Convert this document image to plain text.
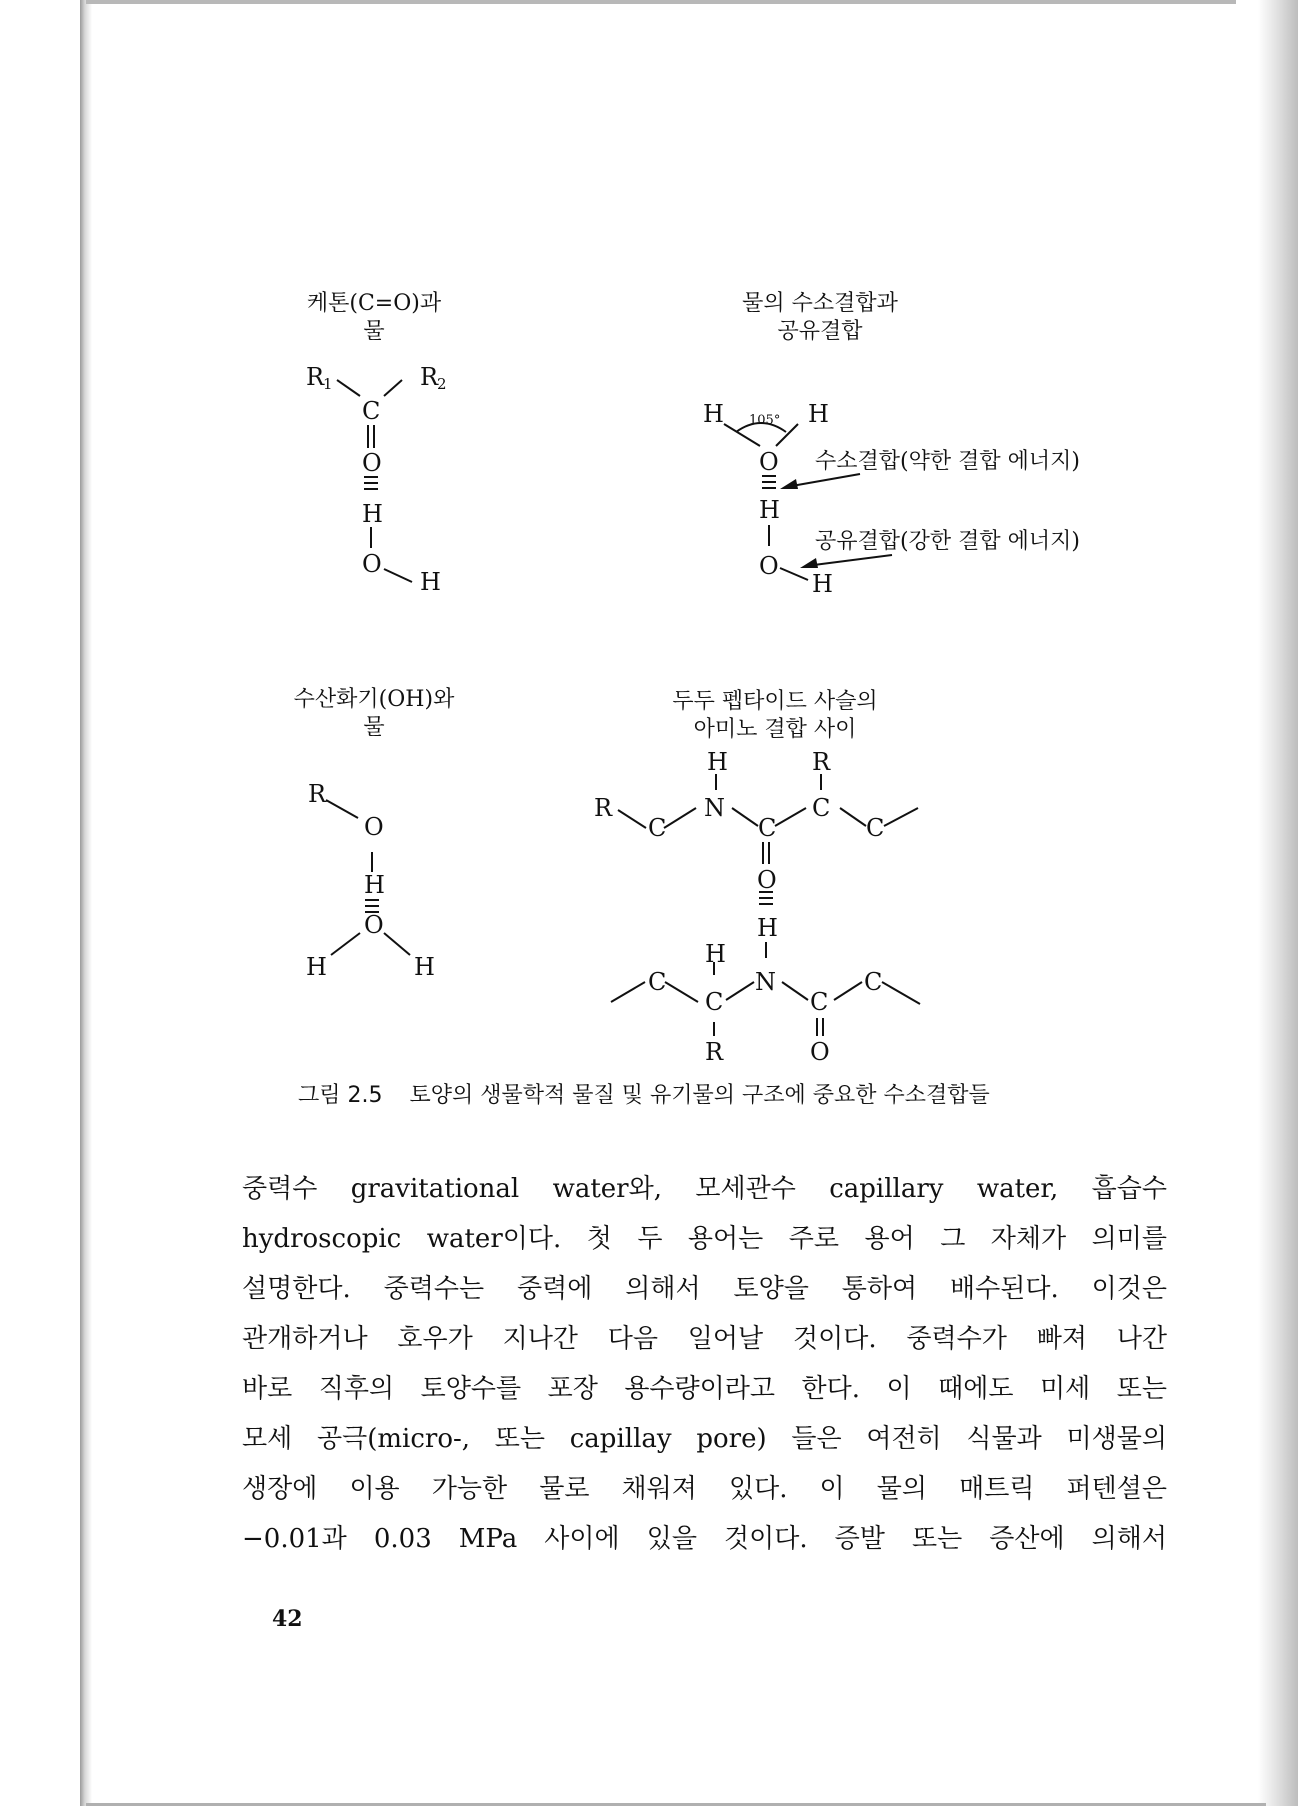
케톤(C=O)과
물
물의 수소결합과
공유결합
수산화기(OH)와
물
두두 펩타이드 사슬의
아미노 결합 사이
R
1	R
2
C
O
H
O
H
H 105° H
O
H
O
H
수소결합(약한 결합 에너지)
공유결합(강한 결합 에너지)
R
O
H
O
H	H
H	R
R
C
N
C
C
C
O
H
N
H
C
C	C
C
R	O
그림 2.5 토양의 생물학적 물질 및 유기물의 구조에 중요한 수소결합들
중력수 gravitational water와, 모세관수 capillary water, 흡습수
hydroscopic water이다. 첫 두 용어는 주로 용어 그 자체가 의미를
설명한다. 중력수는 중력에 의해서 토양을 통하여 배수된다. 이것은
관개하거나 호우가 지나간 다음 일어날 것이다. 중력수가 빠져 나간
바로 직후의 토양수를 포장 용수량이라고 한다. 이 때에도 미세 또는
모세 공극(micro-, 또는 capillay pore) 들은 여전히 식물과 미생물의
생장에 이용 가능한 물로 채워져 있다. 이 물의 매트릭 퍼텐셜은
−0.01과 0.03 MPa 사이에 있을 것이다. 증발 또는 증산에 의해서
42
